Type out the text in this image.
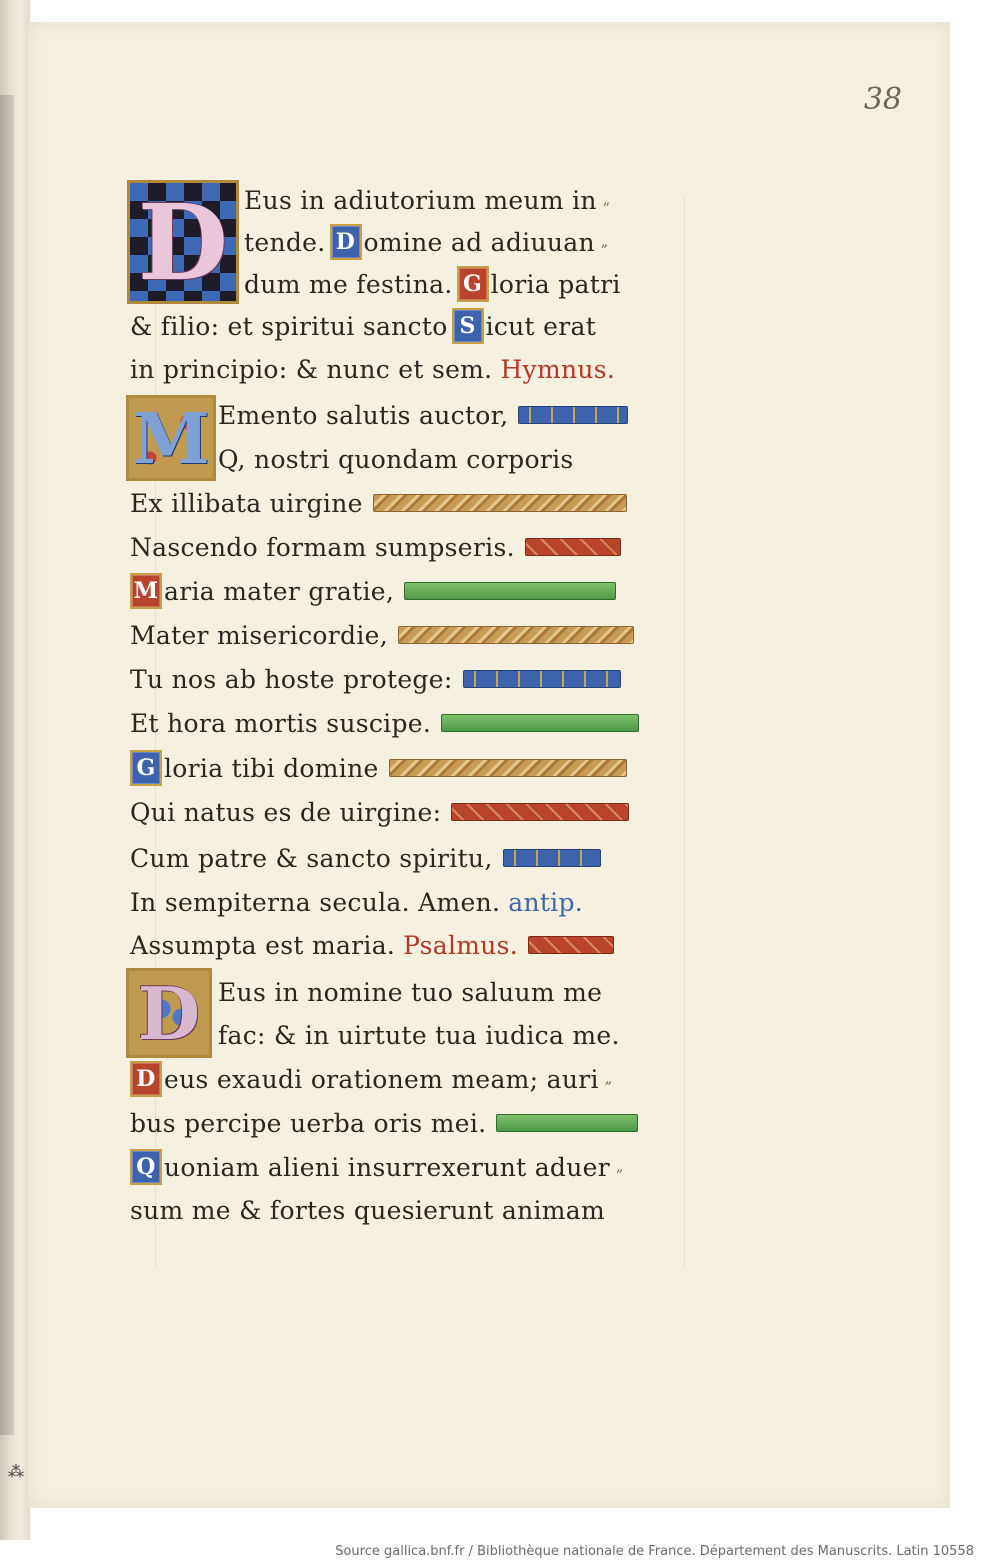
⁂
38
D
M
D
Eus in adiutorium meum in „
tende. D omine ad adiuuan „
dum me festina. G loria patri
& filio: et spiritui sancto S icut erat
in principio: & nunc et sem. Hymnus.
Emento salutis auctor,
Q, nostri quondam corporis
Ex illibata uirgine
Nascendo formam sumpseris.
M aria mater gratie,
Mater misericordie,
Tu nos ab hoste protege:
Et hora mortis suscipe.
G loria tibi domine
Qui natus es de uirgine:
Cum patre & sancto spiritu,
In sempiterna secula. Amen. antip.
Assumpta est maria. Psalmus.
Eus in nomine tuo saluum me
fac: & in uirtute tua iudica me.
D eus exaudi orationem meam; auri „
bus percipe uerba oris mei.
Q uoniam alieni insurrexerunt aduer „
sum me & fortes quesierunt animam
Source gallica.bnf.fr / Bibliothèque nationale de France. Département des Manuscrits. Latin 10558
